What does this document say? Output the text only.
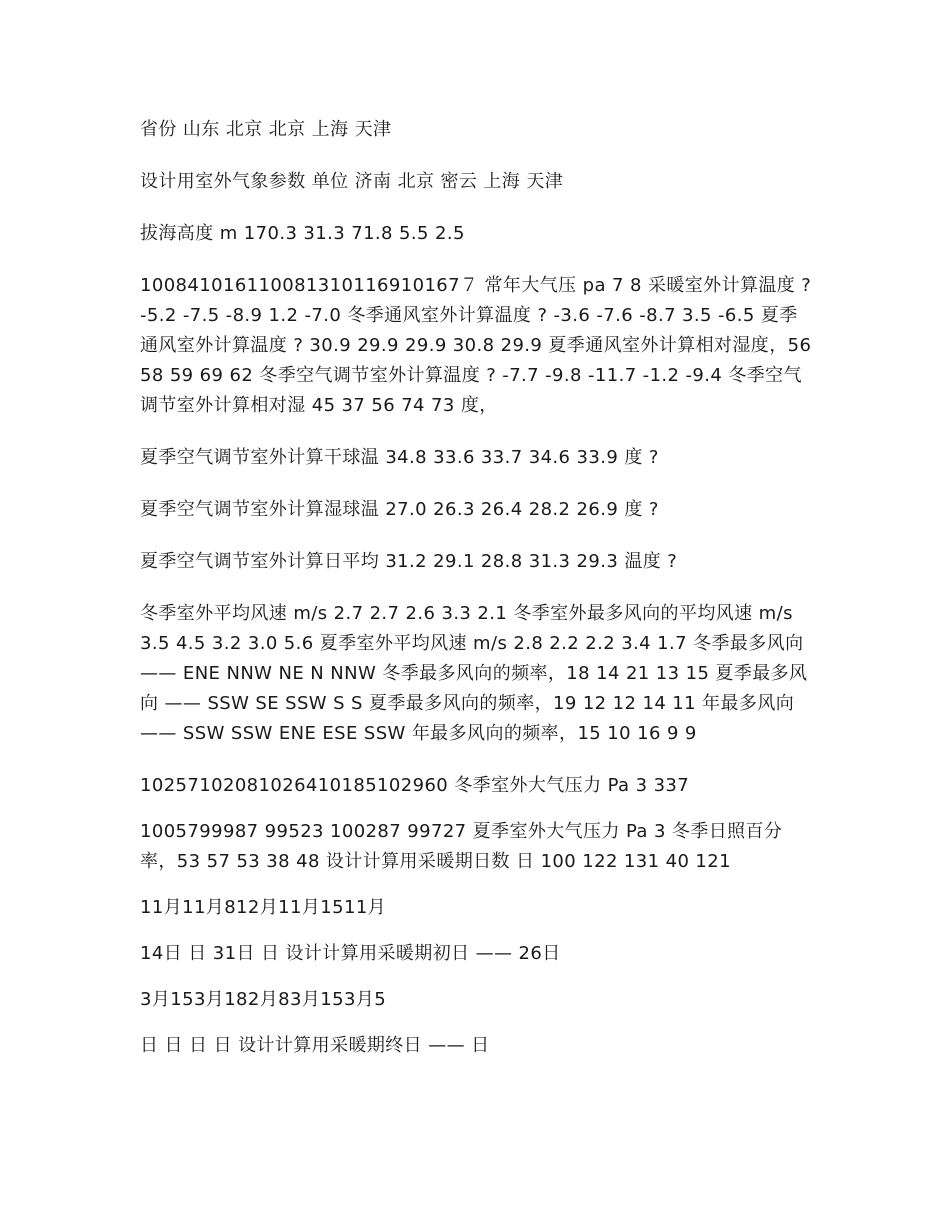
省份 山东 北京 北京 上海 天津

设计用室外气象参数 单位 济南 北京 密云 上海 天津

拔海高度 m 170.3 31.3 71.8 5.5 2.5

100841016110081310116910167７ 常年大气压 pa 7 8 采暖室外计算温度 ? -5.2 -7.5 -8.9 1.2 -7.0 冬季通风室外计算温度 ? -3.6 -7.6 -8.7 3.5 -6.5 夏季通风室外计算温度 ? 30.9 29.9 29.9 30.8 29.9 夏季通风室外计算相对湿度，56 58 59 69 62 冬季空气调节室外计算温度 ? -7.7 -9.8 -11.7 -1.2 -9.4 冬季空气调节室外计算相对湿 45 37 56 74 73 度，

夏季空气调节室外计算干球温 34.8 33.6 33.7 34.6 33.9 度 ?

夏季空气调节室外计算湿球温 27.0 26.3 26.4 28.2 26.9 度 ?

夏季空气调节室外计算日平均 31.2 29.1 28.8 31.3 29.3 温度 ?

冬季室外平均风速 m/s 2.7 2.7 2.6 3.3 2.1 冬季室外最多风向的平均风速 m/s 3.5 4.5 3.2 3.0 5.6 夏季室外平均风速 m/s 2.8 2.2 2.2 3.4 1.7 冬季最多风向 —— ENE NNW NE N NNW 冬季最多风向的频率，18 14 21 13 15 夏季最多风向 —— SSW SE SSW S S 夏季最多风向的频率，19 12 12 14 11 年最多风向 —— SSW SSW ENE ESE SSW 年最多风向的频率，15 10 16 9 9

10257102081026410185102960 冬季室外大气压力 Pa 3 337

1005799987 99523 100287 99727 夏季室外大气压力 Pa 3 冬季日照百分率，53 57 53 38 48 设计计算用采暖期日数 日 100 122 131 40 121

11月11月812月11月1511月

14日 日 31日 日 设计计算用采暖期初日 —— 26日

3月153月182月83月153月5

日 日 日 日 设计计算用采暖期终日 —— 日
